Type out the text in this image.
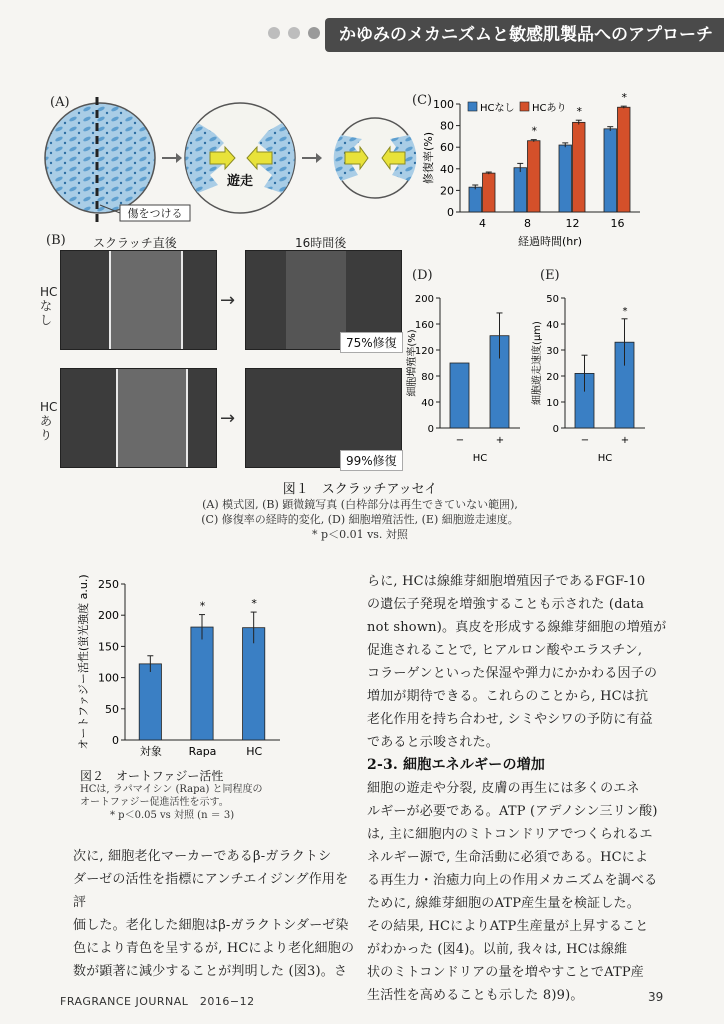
かゆみのメカニズムと敏感肌製品へのアプローチ
(A)
遊走
傷をつける
(B) スクラッチ直後	16時間後
HCなし
HCあり
→
75%修復
→
99%修復
(C)
0
20
40
60
80
100
4
*
8
*
12
*
16
経過時間(hr)
修復率(%)
HCなし HCあり
(D)
0
40
80
120
160
200
−	+
HC
細胞増殖率(%)
(E)
0
10
20
30
40
50
−
*
+
HC
細胞遊走速度(μm)
図１　スクラッチアッセイ
(A) 模式図, (B) 顕微鏡写真 (白枠部分は再生できていない範囲),
(C) 修復率の経時的変化, (D) 細胞増殖活性, (E) 細胞遊走速度。
* p＜0.01 vs. 対照
0
50
100
150
200
250
対象
*
Rapa
*
HC
オートファジー活性(蛍光強度 a.u.)
図２　オートファジー活性
HCは, ラパマイシン (Rapa) と同程度の
オートファジー促進活性を示す。
* p＜0.05 vs 対照 (n ＝ 3)
次に, 細胞老化マーカーであるβ-ガラクトシ
ダーゼの活性を指標にアンチエイジング作用を評
価した。老化した細胞はβ-ガラクトシダーゼ染
色により青色を呈するが, HCにより老化細胞の
数が顕著に減少することが判明した (図3)。さ
らに, HCは線維芽細胞増殖因子であるFGF-10
の遺伝子発現を増強することも示された (data
not shown)。真皮を形成する線維芽細胞の増殖が
促進されることで, ヒアルロン酸やエラスチン,
コラーゲンといった保湿や弾力にかかわる因子の
増加が期待できる。これらのことから, HCは抗
老化作用を持ち合わせ, シミやシワの予防に有益
であると示唆された。
2-3. 細胞エネルギーの増加
細胞の遊走や分裂, 皮膚の再生には多くのエネ
ルギーが必要である。ATP (アデノシン三リン酸)
は, 主に細胞内のミトコンドリアでつくられるエ
ネルギー源で, 生命活動に必須である。HCによ
る再生力・治癒力向上の作用メカニズムを調べる
ために, 線維芽細胞のATP産生量を検証した。
その結果, HCによりATP生産量が上昇すること
がわかった (図4)。以前, 我々は, HCは線維
状のミトコンドリアの量を増やすことでATP産
生活性を高めることも示した 8)9)。
FRAGRANCE JOURNAL　2016−12	39
